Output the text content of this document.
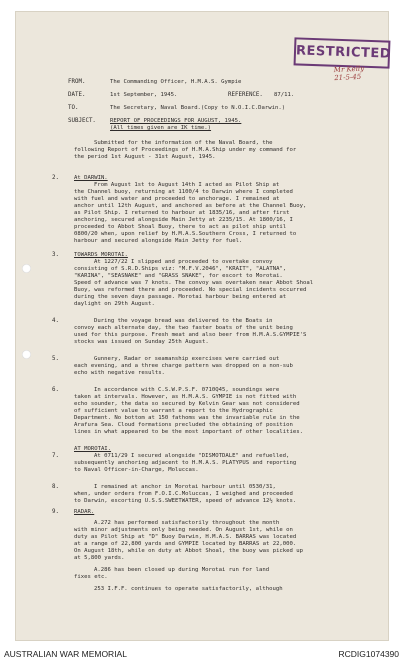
RESTRICTED
Mr Kelly
21-5-45
FROM.	The Commanding Officer, H.M.A.S. Gympie
DATE.	1st September, 1945.	REFERENCE. 87/11.
TO.	The Secretary, Naval Board.(Copy to N.O.I.C.Darwin.)
SUBJECT.	REPORT OF PROCEEDINGS FOR AUGUST, 1945.
(All times given are IK time.)
Submitted for the information of the Naval Board, the
following Report of Proceedings of H.M.A.Ship under my command for
the period 1st August - 31st August, 1945.
2.	At DARWIN.
From August 1st to August 14th I acted as Pilot Ship at
the Channel buoy, returning at 1100/4 to Darwin where I completed
with fuel and water and proceeded to anchorage. I remained at
anchor until 12th August, and anchored as before at the Channel Buoy,
as Pilot Ship. I returned to harbour at 1835/16, and after first
anchoring, secured alongside Main Jetty at 2235/15. At 1800/16, I
proceeded to Abbot Shoal Buoy, there to act as pilot ship until
0800/20 when, upon relief by H.M.A.S.Southern Cross, I returned to
harbour and secured alongside Main Jetty for fuel.
3.	TOWARDS MOROTAI.
At 1227/22 I slipped and proceeded to overtake convoy
consisting of S.R.D.Ships viz: "M.F.V.2046", "KRAIT", "ALATNA",
"KARINA", "SEASNAKE" and "GRASS SNAKE", for escort to Morotai.
Speed of advance was 7 knots. The convoy was overtaken near Abbot Shoal
Buoy, was reformed there and proceeded. No special incidents occurred
during the seven days passage. Morotai harbour being entered at
daylight on 29th August.
4.	During the voyage bread was delivered to the Boats in
convoy each alternate day, the two faster boats of the unit being
used for this purpose. Fresh meat and also beer from H.M.A.S.GYMPIE'S
stocks was issued on Sunday 25th August.
5.	Gunnery, Radar or seamanship exercises were carried out
each evening, and a three charge pattern was dropped on a non-sub
echo with negative results.
6.	In accordance with C.S.W.P.S.F. 0710Q45, soundings were
taken at intervals. However, as H.M.A.S. GYMPIE is not fitted with
echo sounder, the data so secured by Kelvin Gear was not considered
of sufficient value to warrant a report to the Hydrographic
Department. No bottom at 150 fathoms was the invariable rule in the
Arafura Sea. Cloud formations precluded the obtaining of position
lines in what appeared to be the most important of other localities.
7.
AT MOROTAI.
At 0711/29 I secured alongside "DISMOTDALE" and refuelled,
subsequently anchoring adjacent to H.M.A.S. PLATYPUS and reporting
to Naval Officer-in-Charge, Moluccas.
8.	I remained at anchor in Morotai harbour until 0530/31,
when, under orders from F.O.I.C.Moluccas, I weighed and proceeded
to Darwin, escorting U.S.S.SWEETWATER, speed of advance 12½ knots.
9.	RADAR.
A.272 has performed satisfactorily throughout the month
with minor adjustments only being needed. On August 1st, while on
duty as Pilot Ship at "D" Buoy Darwin, H.M.A.S. BARRAS was located
at a range of 22,800 yards and GYMPIE located by BARRAS at 22,000.
On August 18th, while on duty at Abbot Shoal, the buoy was picked up
at 5,800 yards.
A.286 has been closed up during Morotai run for land
fixes etc.
253 I.F.F. continues to operate satisfactorily, although
AUSTRALIAN WAR MEMORIAL	RCDIG1074390
